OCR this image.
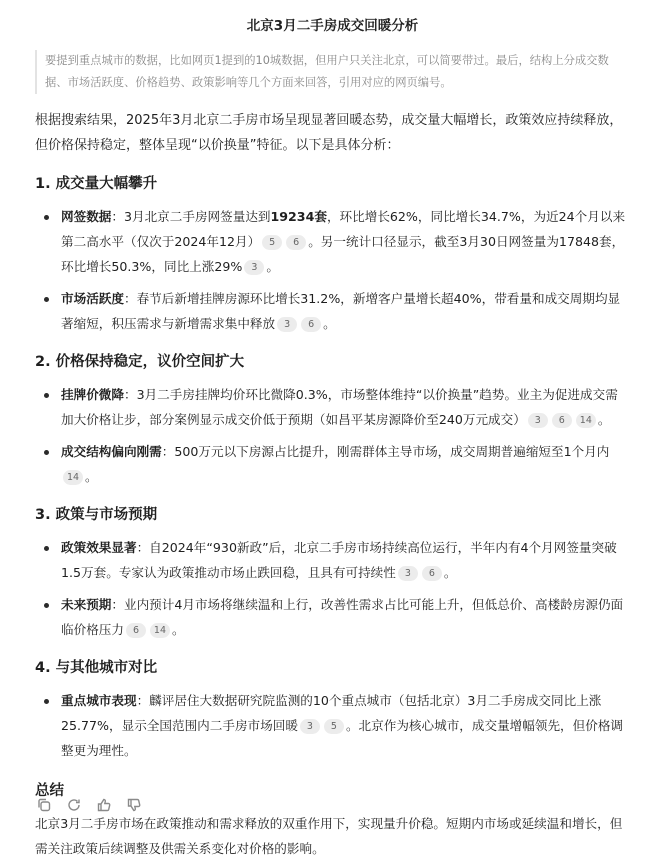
北京3月二手房成交回暖分析
要提到重点城市的数据，比如网页1提到的10城数据，但用户只关注北京，可以简要带过。最后，结构上分成交数据、市场活跃度、价格趋势、政策影响等几个方面来回答，引用对应的网页编号。
根据搜索结果，2025年3月北京二手房市场呈现显著回暖态势，成交量大幅增长，政策效应持续释放，但价格保持稳定，整体呈现“以价换量”特征。以下是具体分析：
1. 成交量大幅攀升
网签数据：3月北京二手房网签量达到19234套，环比增长62%，同比增长34.7%，为近24个月以来第二高水平（仅次于2024年12月） 5 6 。另一统计口径显示，截至3月30日网签量为17848套，环比增长50.3%，同比上涨29% 3 。
市场活跃度：春节后新增挂牌房源环比增长31.2%，新增客户量增长超40%，带看量和成交周期均显著缩短，积压需求与新增需求集中释放 3 6 。
2. 价格保持稳定，议价空间扩大
挂牌价微降：3月二手房挂牌均价环比微降0.3%，市场整体维持“以价换量”趋势。业主为促进成交需加大价格让步，部分案例显示成交价低于预期（如昌平某房源降价至240万元成交） 3 6 14 。
成交结构偏向刚需：500万元以下房源占比提升，刚需群体主导市场，成交周期普遍缩短至1个月内14 。
3. 政策与市场预期
政策效果显著：自2024年“930新政”后，北京二手房市场持续高位运行，半年内有4个月网签量突破1.5万套。专家认为政策推动市场止跌回稳，且具有可持续性 3 6 。
未来预期：业内预计4月市场将继续温和上行，改善性需求占比可能上升，但低总价、高楼龄房源仍面临价格压力 6 14 。
4. 与其他城市对比
重点城市表现：麟评居住大数据研究院监测的10个重点城市（包括北京）3月二手房成交同比上涨25.77%，显示全国范围内二手房市场回暖 3 5 。北京作为核心城市，成交量增幅领先，但价格调整更为理性。
总结
北京3月二手房市场在政策推动和需求释放的双重作用下，实现量升价稳。短期内市场或延续温和增长，但需关注政策后续调整及供需关系变化对价格的影响。
